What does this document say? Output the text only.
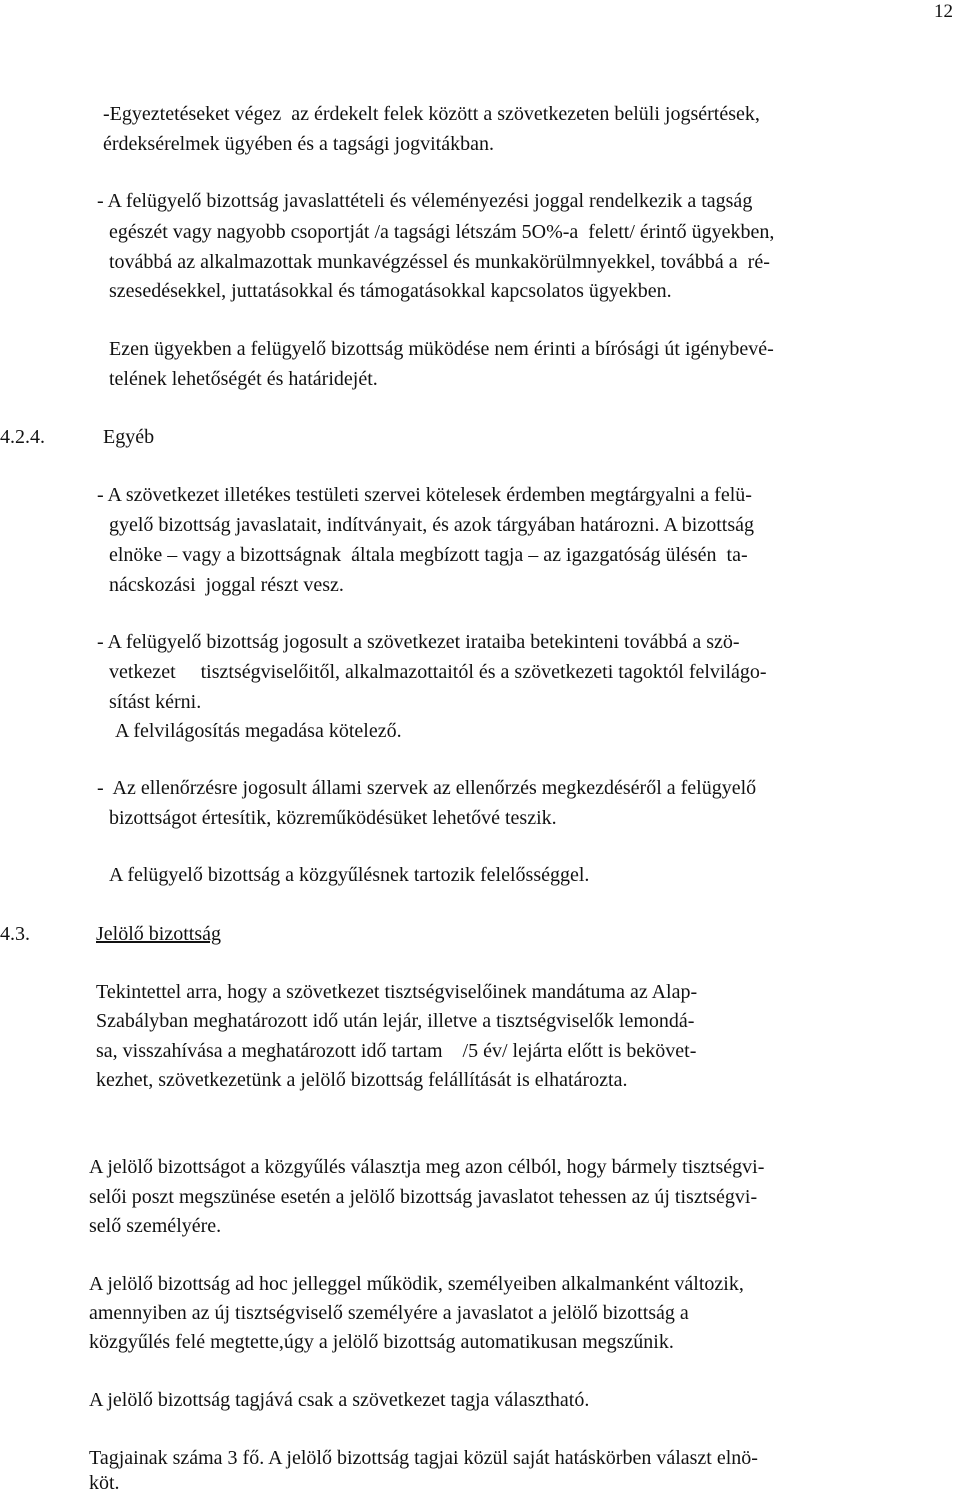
12
-Egyeztetéseket végez  az érdekelt felek között a szövetkezeten belüli jogsértések,
érdeksérelmek ügyében és a tagsági jogvitákban.
- A felügyelő bizottság javaslattételi és véleményezési joggal rendelkezik a tagság
egészét vagy nagyobb csoportját /a tagsági létszám 5O%-a  felett/ érintő ügyekben,
továbbá az alkalmazottak munkavégzéssel és munkakörülmnyekkel, továbbá a  ré-
szesedésekkel, juttatásokkal és támogatásokkal kapcsolatos ügyekben.
Ezen ügyekben a felügyelő bizottság müködése nem érinti a bírósági út igénybevé-
telének lehetőségét és határidejét.
4.2.4.	Egyéb
- A szövetkezet illetékes testületi szervei kötelesek érdemben megtárgyalni a felü-
gyelő bizottság javaslatait, indítványait, és azok tárgyában határozni. A bizottság
elnöke – vagy a bizottságnak  általa megbízott tagja – az igazgatóság ülésén  ta-
nácskozási  joggal részt vesz.
- A felügyelő bizottság jogosult a szövetkezet irataiba betekinteni továbbá a szö-
vetkezet     tisztségviselőitől, alkalmazottaitól és a szövetkezeti tagoktól felvilágo-
sítást kérni.
A felvilágosítás megadása kötelező.
-  Az ellenőrzésre jogosult állami szervek az ellenőrzés megkezdéséről a felügyelő
bizottságot értesítik, közreműködésüket lehetővé teszik.
A felügyelő bizottság a közgyűlésnek tartozik felelősséggel.
4.3.	Jelölő bizottság
Tekintettel arra, hogy a szövetkezet tisztségviselőinek mandátuma az Alap-
Szabályban meghatározott idő után lejár, illetve a tisztségviselők lemondá-
sa, visszahívása a meghatározott idő tartam    /5 év/ lejárta előtt is bekövet-
kezhet, szövetkezetünk a jelölő bizottság felállítását is elhatározta.
A jelölő bizottságot a közgyűlés választja meg azon célból, hogy bármely tisztségvi-
selői poszt megszünése esetén a jelölő bizottság javaslatot tehessen az új tisztségvi-
selő személyére.
A jelölő bizottság ad hoc jelleggel működik, személyeiben alkalmanként változik,
amennyiben az új tisztségviselő személyére a javaslatot a jelölő bizottság a
közgyűlés felé megtette,úgy a jelölő bizottság automatikusan megszűnik.
A jelölő bizottság tagjává csak a szövetkezet tagja választható.
Tagjainak száma 3 fő. A jelölő bizottság tagjai közül saját hatáskörben választ elnö-
köt.
